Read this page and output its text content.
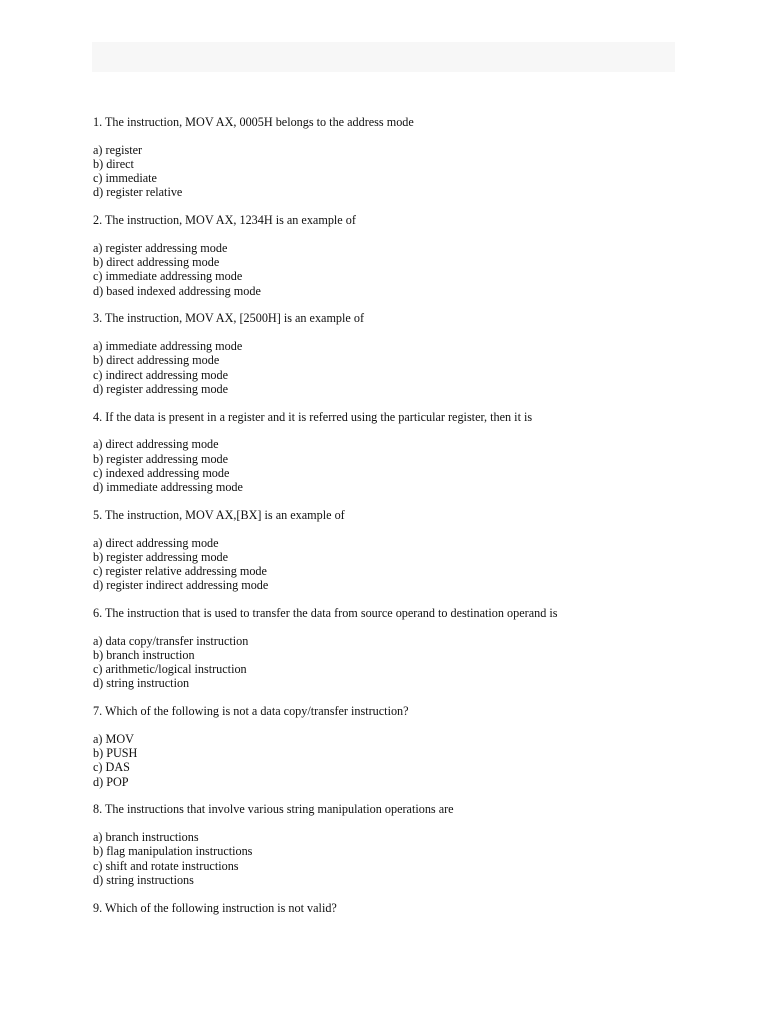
1. The instruction, MOV AX, 0005H belongs to the address mode
a) register
b) direct
c) immediate
d) register relative
2. The instruction, MOV AX, 1234H is an example of
a) register addressing mode
b) direct addressing mode
c) immediate addressing mode
d) based indexed addressing mode
3. The instruction, MOV AX, [2500H] is an example of
a) immediate addressing mode
b) direct addressing mode
c) indirect addressing mode
d) register addressing mode
4. If the data is present in a register and it is referred using the particular register, then it is
a) direct addressing mode
b) register addressing mode
c) indexed addressing mode
d) immediate addressing mode
5. The instruction, MOV AX,[BX] is an example of
a) direct addressing mode
b) register addressing mode
c) register relative addressing mode
d) register indirect addressing mode
6. The instruction that is used to transfer the data from source operand to destination operand is
a) data copy/transfer instruction
b) branch instruction
c) arithmetic/logical instruction
d) string instruction
7. Which of the following is not a data copy/transfer instruction?
a) MOV
b) PUSH
c) DAS
d) POP
8. The instructions that involve various string manipulation operations are
a) branch instructions
b) flag manipulation instructions
c) shift and rotate instructions
d) string instructions
9. Which of the following instruction is not valid?
